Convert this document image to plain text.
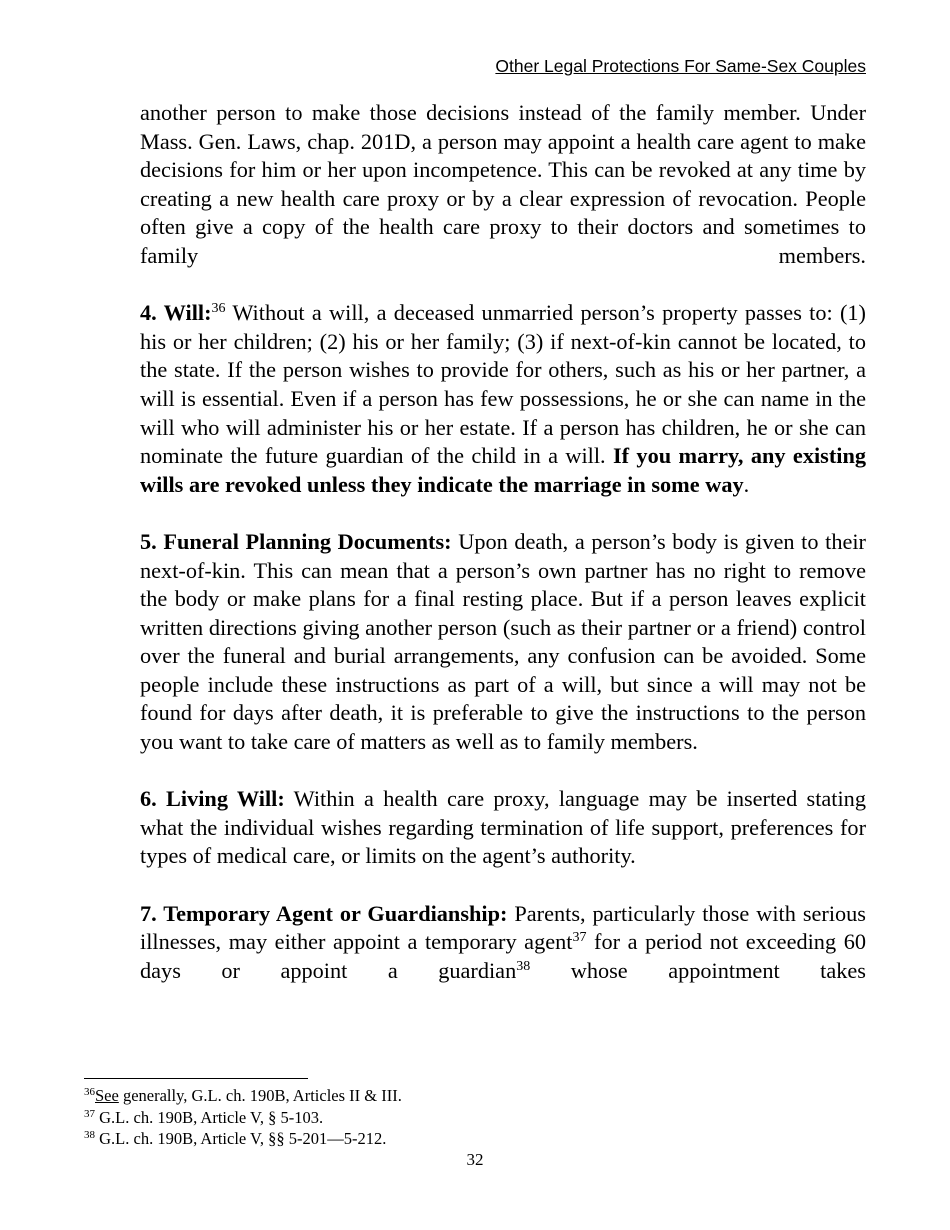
Other Legal Protections For Same-Sex Couples

another person to make those decisions instead of the family member. Under Mass. Gen. Laws, chap. 201D, a person may appoint a health care agent to make decisions for him or her upon incompetence. This can be revoked at any time by creating a new health care proxy or by a clear expression of revocation. People often give a copy of the health care proxy to their doctors and sometimes to family members.

4. Will:$^{36}$ Without a will, a deceased unmarried person’s property passes to: (1) his or her children; (2) his or her family; (3) if next-of-kin cannot be located, to the state. If the person wishes to provide for others, such as his or her partner, a will is essential. Even if a person has few possessions, he or she can name in the will who will administer his or her estate. If a person has children, he or she can nominate the future guardian of the child in a will. If you marry, any existing wills are revoked unless they indicate the marriage in some way.

5. Funeral Planning Documents: Upon death, a person’s body is given to their next-of-kin. This can mean that a person’s own partner has no right to remove the body or make plans for a final resting place. But if a person leaves explicit written directions giving another person (such as their partner or a friend) control over the funeral and burial arrangements, any confusion can be avoided. Some people include these instructions as part of a will, but since a will may not be found for days after death, it is preferable to give the instructions to the person you want to take care of matters as well as to family members.

6. Living Will: Within a health care proxy, language may be inserted stating what the individual wishes regarding termination of life support, preferences for types of medical care, or limits on the agent’s authority.

7. Temporary Agent or Guardianship: Parents, particularly those with serious illnesses, may either appoint a temporary agent$^{37}$ for a period not exceeding 60 days or appoint a guardian$^{38}$ whose appointment takes

$^{36}$See generally, G.L. ch. 190B, Articles II & III.
$^{37}$ G.L. ch. 190B, Article V, § 5-103.
$^{38}$ G.L. ch. 190B, Article V, §§ 5-201—5-212.
32
